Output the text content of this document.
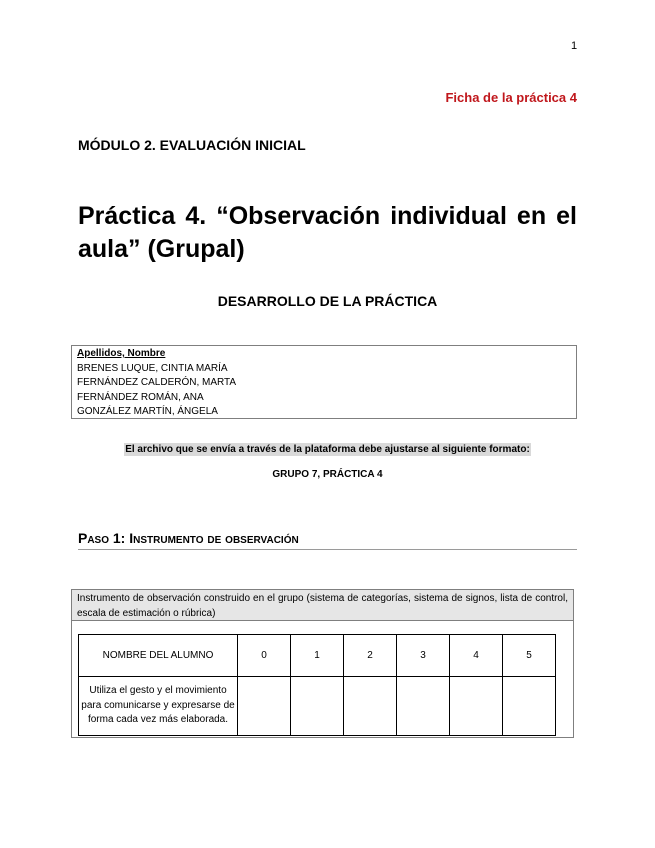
1
Ficha de la práctica 4
MÓDULO 2. EVALUACIÓN INICIAL
Práctica 4. “Observación individual en el aula” (Grupal)
DESARROLLO DE LA PRÁCTICA
Apellidos, Nombre
BRENES LUQUE, CINTIA MARÍA
FERNÁNDEZ CALDERÓN, MARTA
FERNÁNDEZ ROMÁN, ANA
GONZÁLEZ MARTÍN, ÁNGELA
El archivo que se envía a través de la plataforma debe ajustarse al siguiente formato:
GRUPO 7, PRÁCTICA 4
Paso 1: Instrumento de observación
Instrumento de observación construido en el grupo (sistema de categorías, sistema de signos, lista de control, escala de estimación o rúbrica)
NOMBRE DEL ALUMNO	0	1	2	3	4	5
Utiliza el gesto y el movimiento para comunicarse y expresarse de forma cada vez más elaborada.						
